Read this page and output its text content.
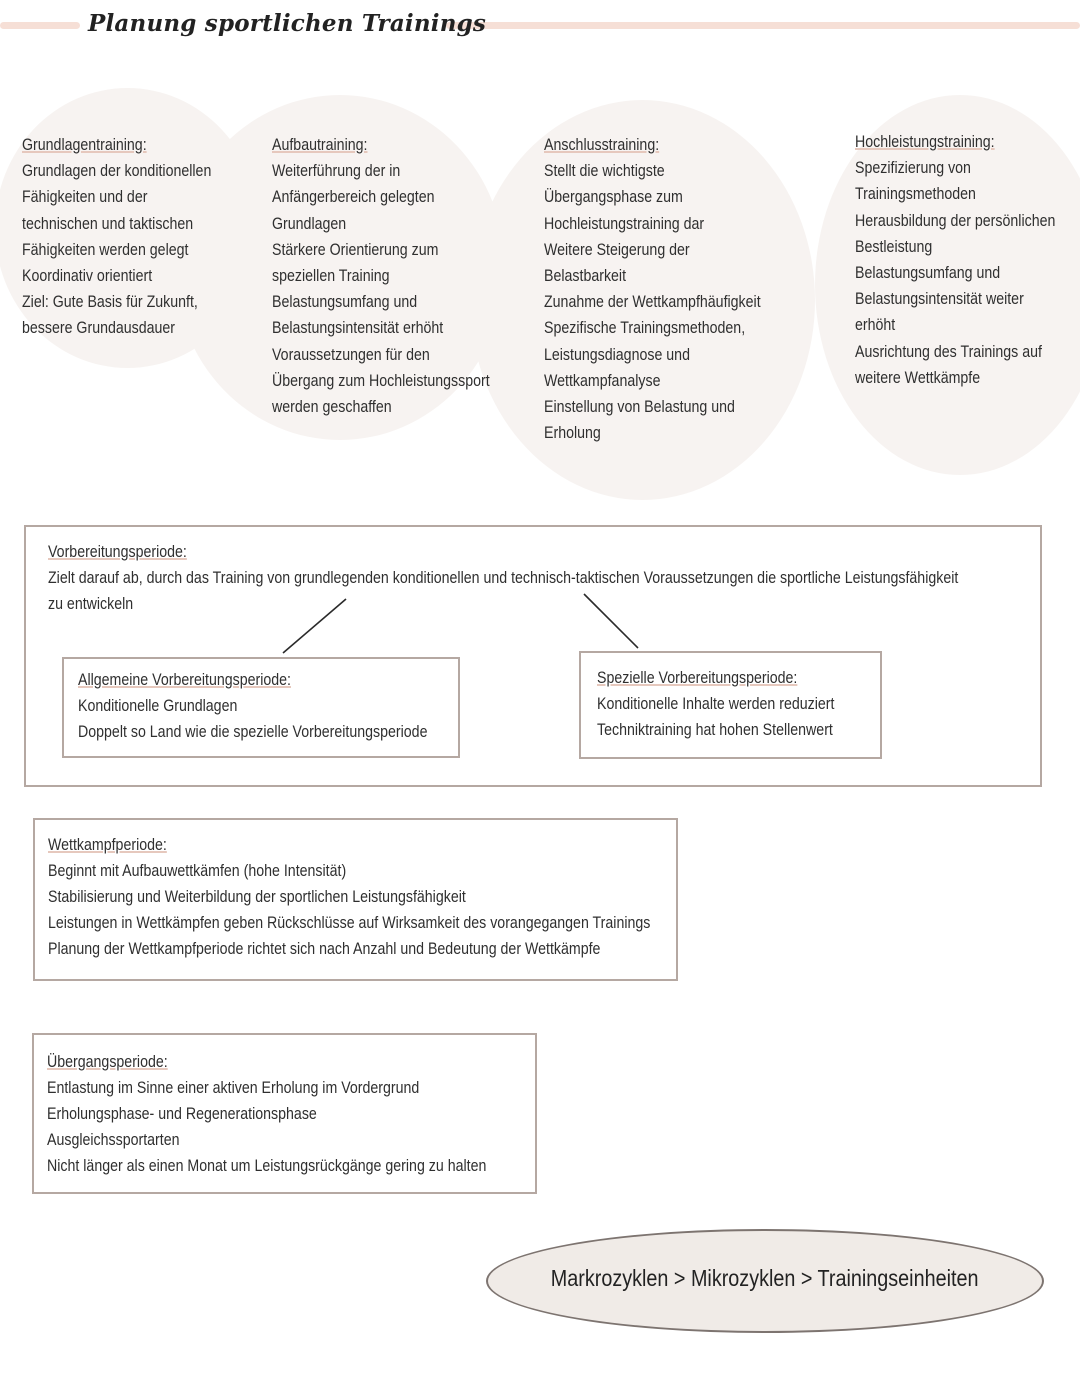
Planung sportlichen Trainings
Grundlagentraining:
Grundlagen der konditionellen
Fähigkeiten und der
technischen und taktischen
Fähigkeiten werden gelegt
Koordinativ orientiert
Ziel: Gute Basis für Zukunft,
bessere Grundausdauer
Aufbautraining:
Weiterführung der in
Anfängerbereich gelegten
Grundlagen
Stärkere Orientierung zum
speziellen Training
Belastungsumfang und
Belastungsintensität erhöht
Voraussetzungen für den
Übergang zum Hochleistungssport
werden geschaffen
Anschlusstraining:
Stellt die wichtigste
Übergangsphase zum
Hochleistungstraining dar
Weitere Steigerung der
Belastbarkeit
Zunahme der Wettkampfhäufigkeit
Spezifische Trainingsmethoden,
Leistungsdiagnose und
Wettkampfanalyse
Einstellung von Belastung und
Erholung
Hochleistungstraining:
Spezifizierung von
Trainingsmethoden
Herausbildung der persönlichen
Bestleistung
Belastungsumfang und
Belastungsintensität weiter
erhöht
Ausrichtung des Trainings auf
weitere Wettkämpfe
Vorbereitungsperiode:
Zielt darauf ab, durch das Training von grundlegenden konditionellen und technisch-taktischen Voraussetzungen die sportliche Leistungsfähigkeit
zu entwickeln
Allgemeine Vorbereitungsperiode:
Konditionelle Grundlagen
Doppelt so Land wie die spezielle Vorbereitungsperiode
Spezielle Vorbereitungsperiode:
Konditionelle Inhalte werden reduziert
Techniktraining hat hohen Stellenwert
Wettkampfperiode:
Beginnt mit Aufbauwettkämfen (hohe Intensität)
Stabilisierung und Weiterbildung der sportlichen Leistungsfähigkeit
Leistungen in Wettkämpfen geben Rückschlüsse auf Wirksamkeit des vorangegangen Trainings
Planung der Wettkampfperiode richtet sich nach Anzahl und Bedeutung der Wettkämpfe
Übergangsperiode:
Entlastung im Sinne einer aktiven Erholung im Vordergrund
Erholungsphase- und Regenerationsphase
Ausgleichssportarten
Nicht länger als einen Monat um Leistungsrückgänge gering zu halten
Markrozyklen > Mikrozyklen > Trainingseinheiten
